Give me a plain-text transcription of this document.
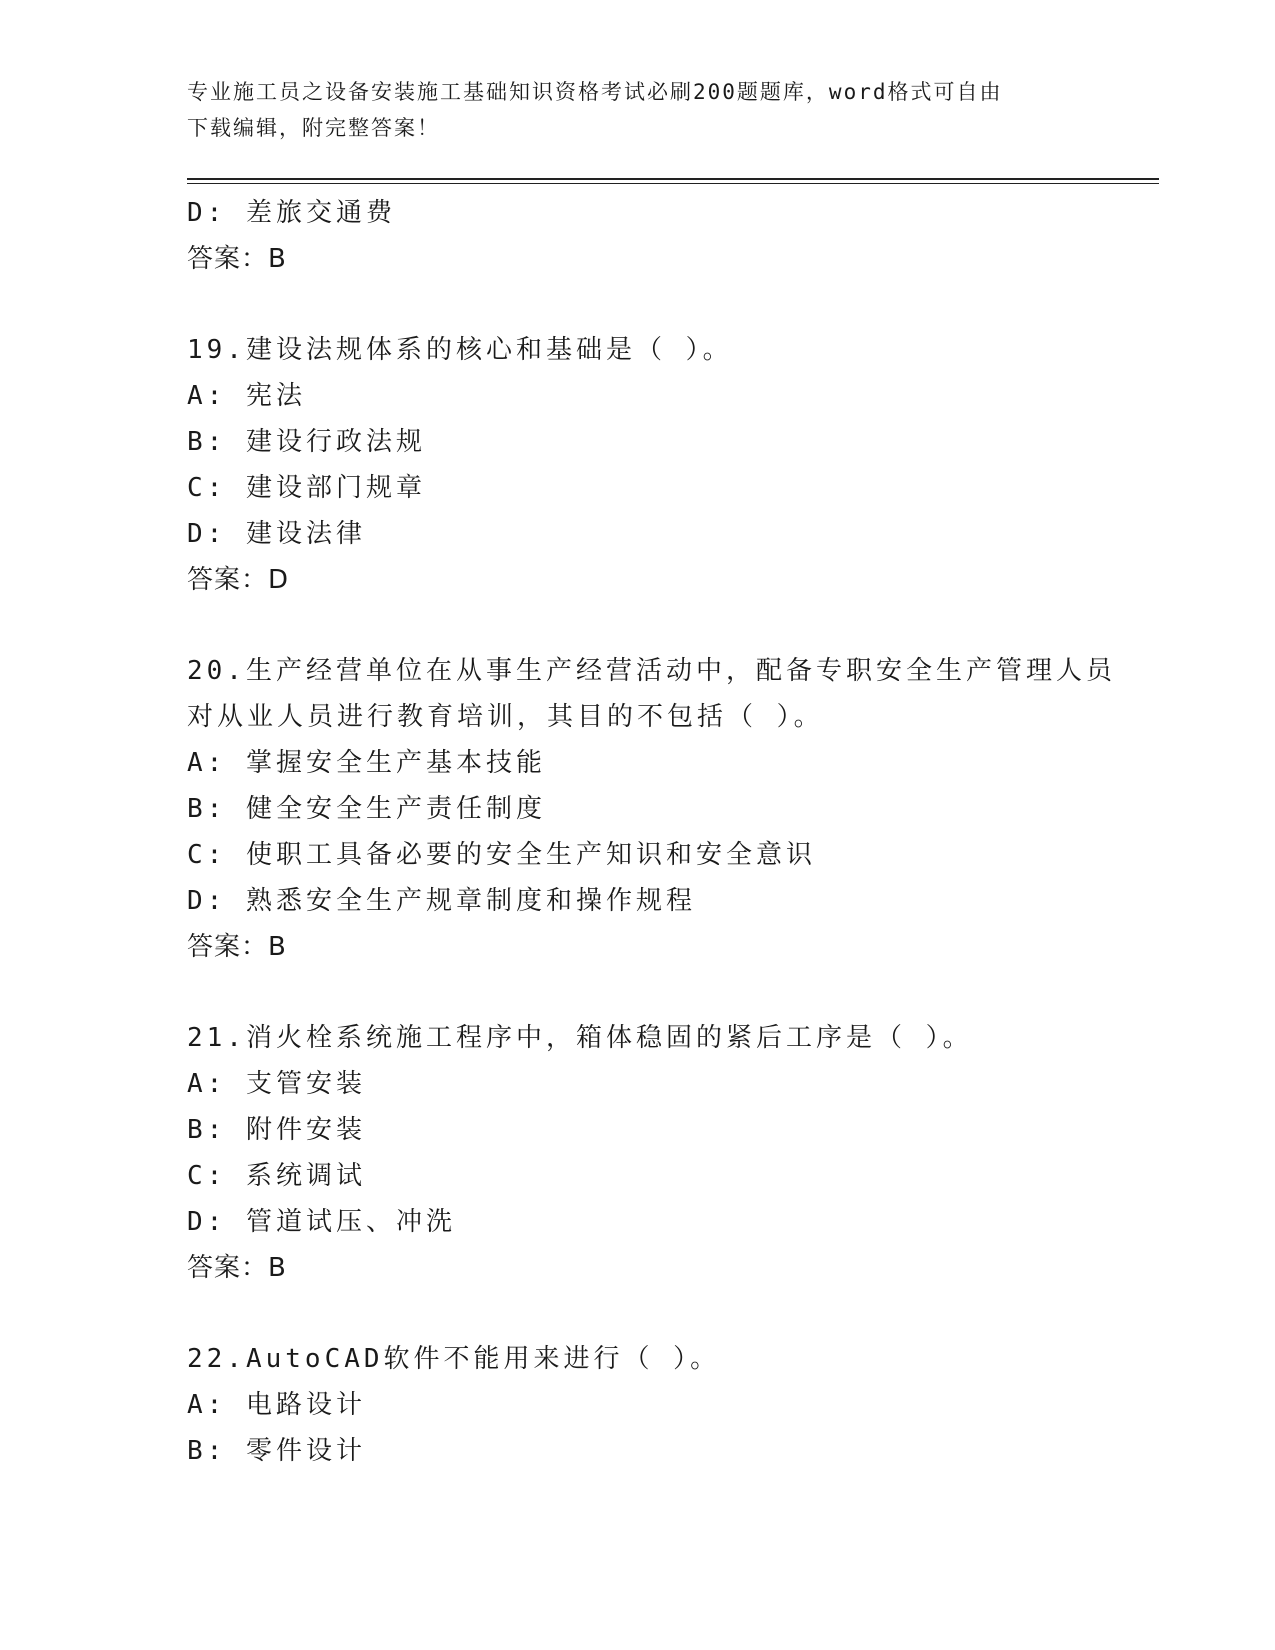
专业施工员之设备安装施工基础知识资格考试必刷200题题库，word格式可自由
下载编辑，附完整答案！
D: 差旅交通费
答案：B
19.建设法规体系的核心和基础是（ ）。
A: 宪法
B: 建设行政法规
C: 建设部门规章
D: 建设法律
答案：D
20.生产经营单位在从事生产经营活动中，配备专职安全生产管理人员
对从业人员进行教育培训，其目的不包括（ ）。
A: 掌握安全生产基本技能
B: 健全安全生产责任制度
C: 使职工具备必要的安全生产知识和安全意识
D: 熟悉安全生产规章制度和操作规程
答案：B
21.消火栓系统施工程序中，箱体稳固的紧后工序是（ ）。
A: 支管安装
B: 附件安装
C: 系统调试
D: 管道试压、冲洗
答案：B
22.AutoCAD软件不能用来进行（ ）。
A: 电路设计
B: 零件设计
